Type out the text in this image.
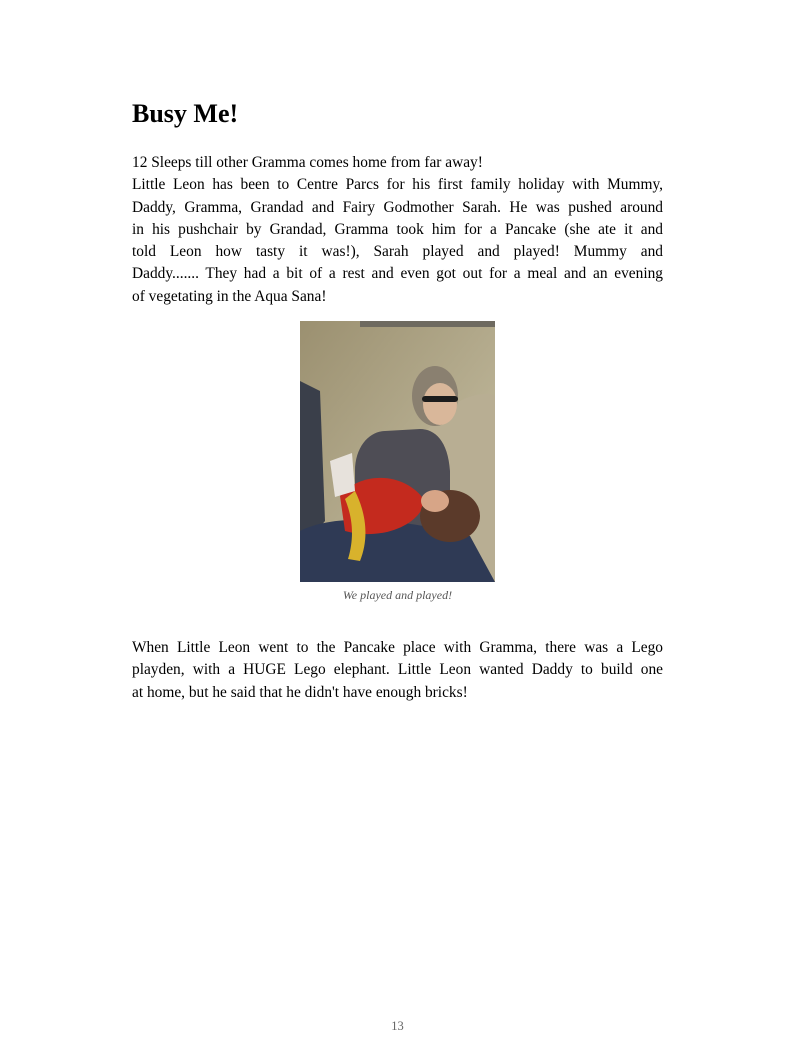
Busy Me!
12 Sleeps till other Gramma comes home from far away!
Little Leon has been to Centre Parcs for his first family holiday with Mummy,
Daddy, Gramma, Grandad and Fairy Godmother Sarah. He was pushed around
in his pushchair by Grandad, Gramma took him for a Pancake (she ate it and
told Leon how tasty it was!), Sarah played and played! Mummy and
Daddy....... They had a bit of a rest and even got out for a meal and an evening
of vegetating in the Aqua Sana!

We played and played!

When Little Leon went to the Pancake place with Gramma, there was a Lego
playden, with a HUGE Lego elephant. Little Leon wanted Daddy to build one
at home, but he said that he didn't have enough bricks!

13
